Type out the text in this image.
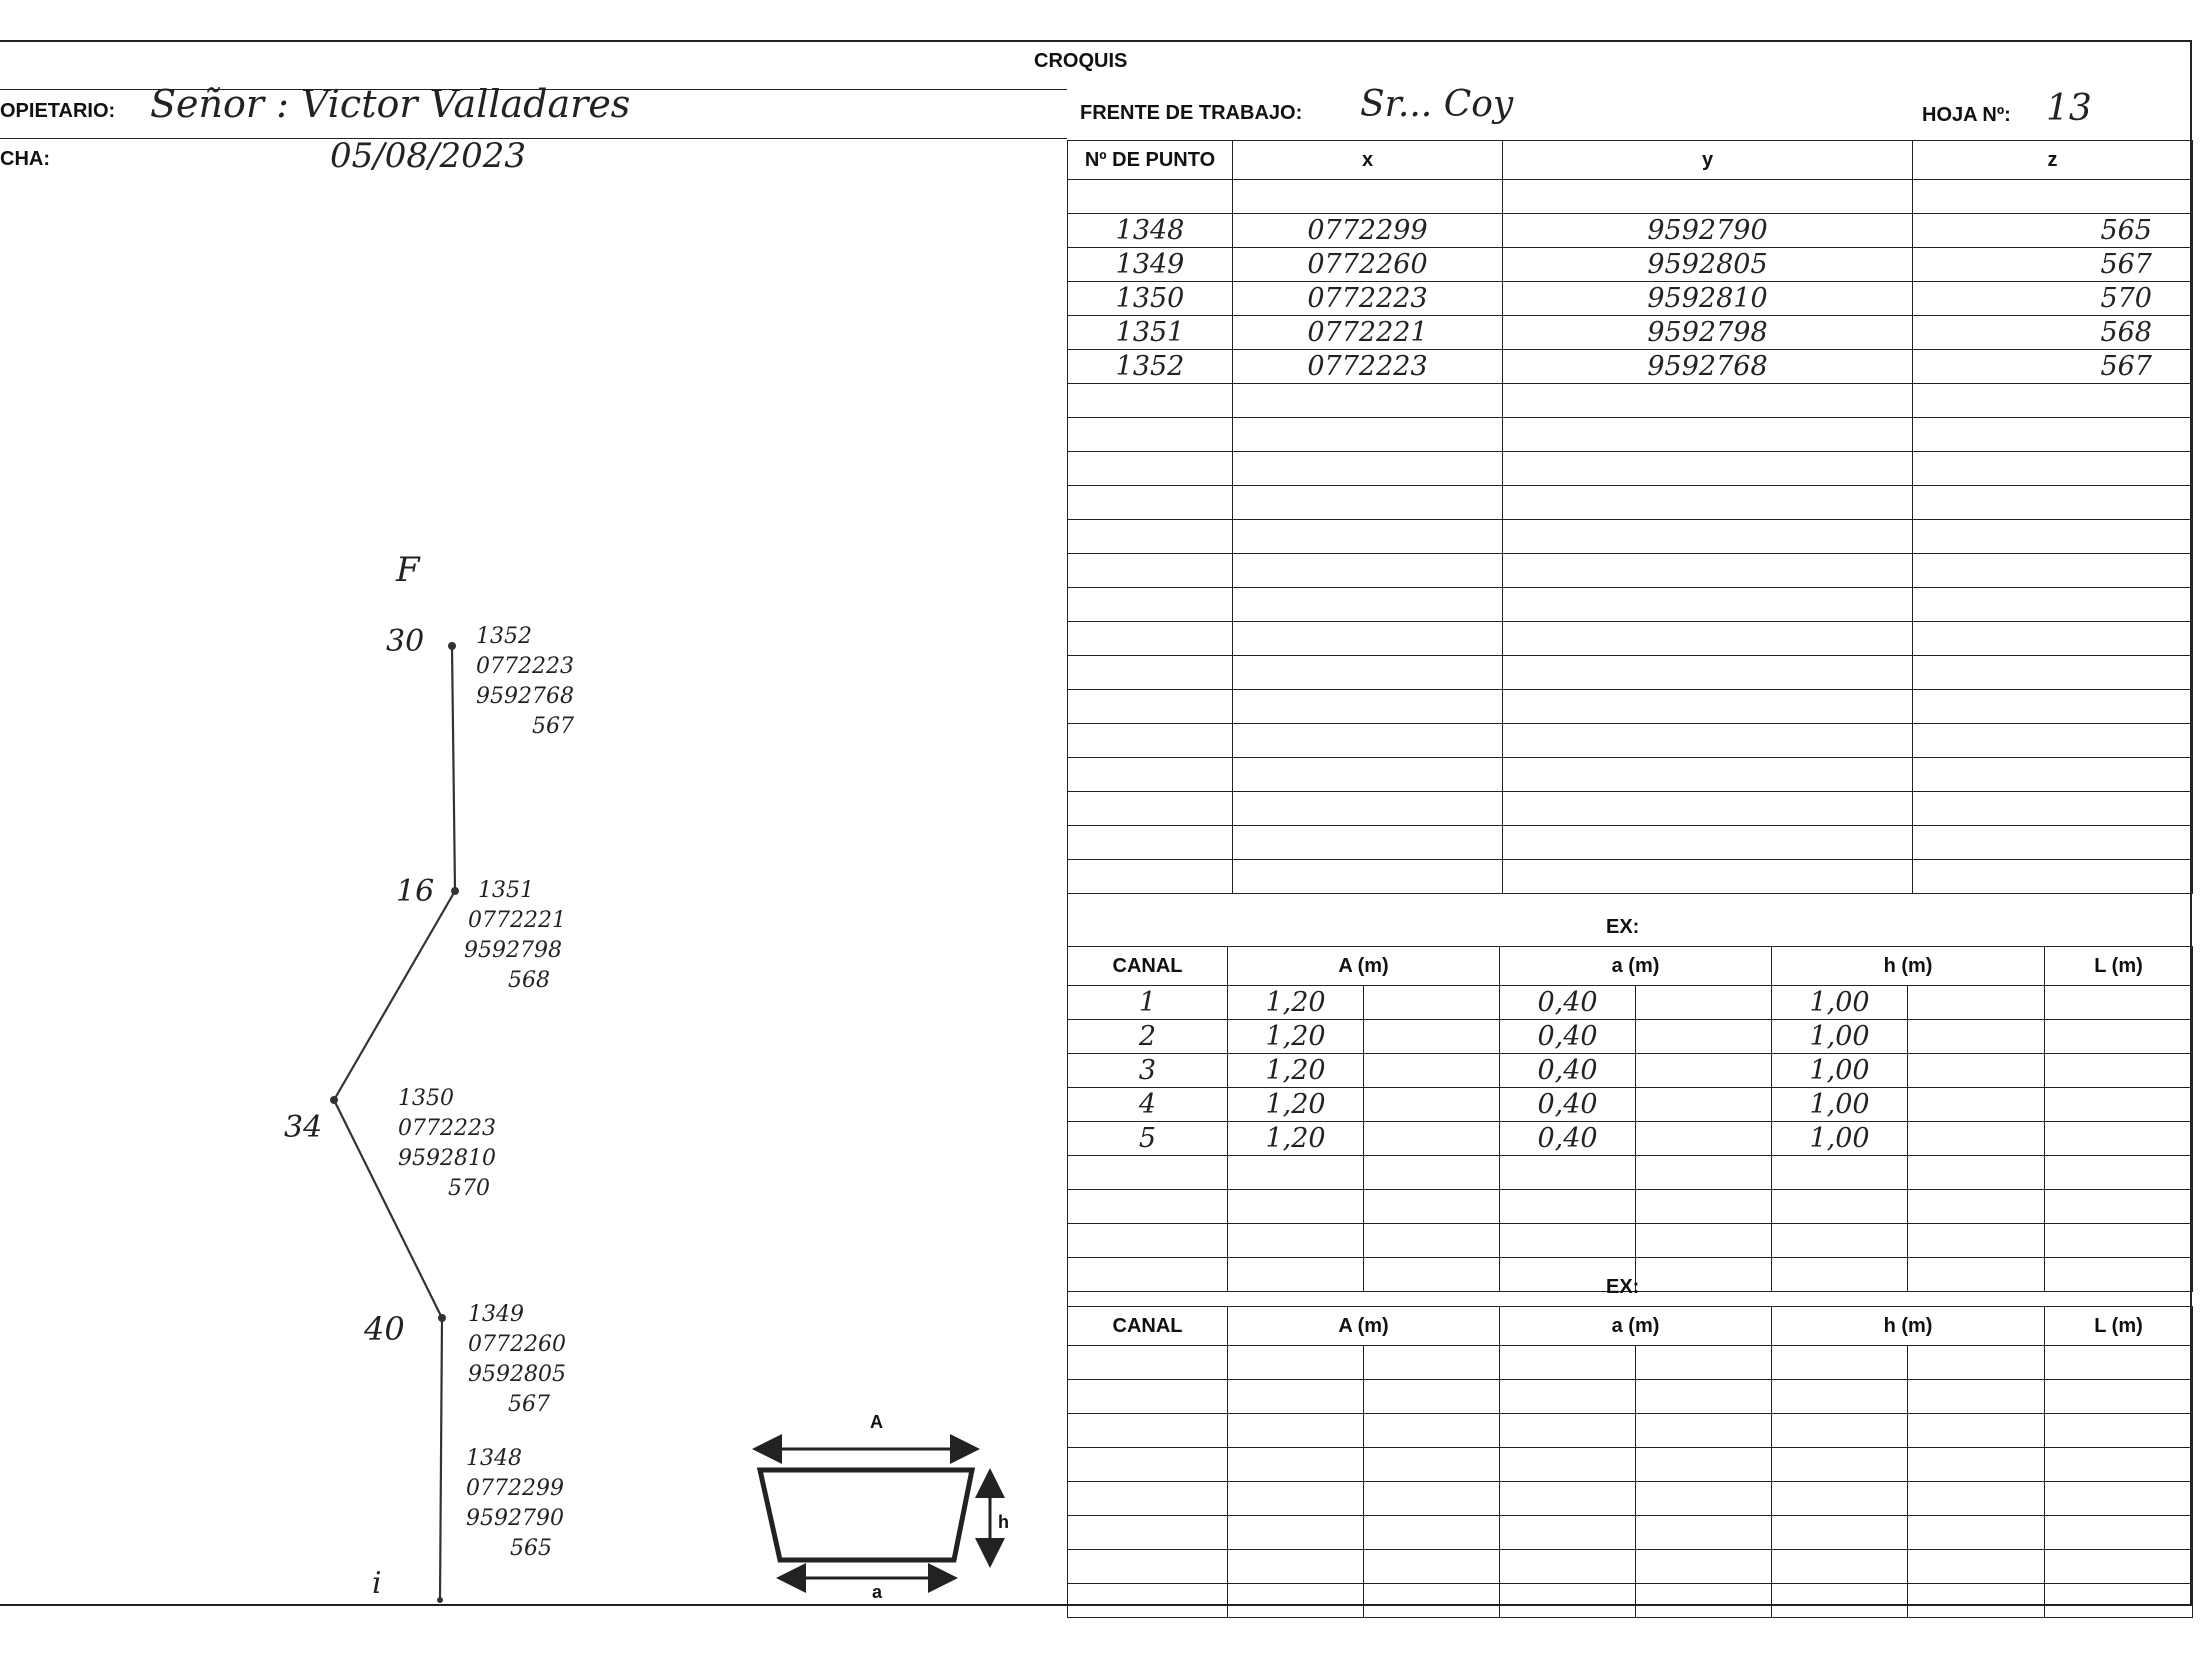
CROQUIS
OPIETARIO: Señor : Victor Valladares
CHA:	05/08/2023
FRENTE DE TRABAJO: Sr... Coy	HOJA Nº: 13
Nº DE PUNTO	x	y	z

1348	0772299	9592790	565
1349	0772260	9592805	567
1350	0772223	9592810	570
1351	0772221	9592798	568
1352	0772223	9592768	567

EX:
CANAL	A (m)		a (m)		h (m)		L (m)
1	1,20		0,40		1,00		
2	1,20		0,40		1,00		
3	1,20		0,40		1,00		
4	1,20		0,40		1,00		
5	1,20		0,40		1,00		

EX:
CANAL	A (m)		a (m)		h (m)		L (m)

F
i
30
16
34
40
1352
0772223
9592768
567
1351
0772221
9592798
568
1350
0772223
9592810
570
1349
0772260
9592805
567
1348
0772299
9592790
565
A
h
a
